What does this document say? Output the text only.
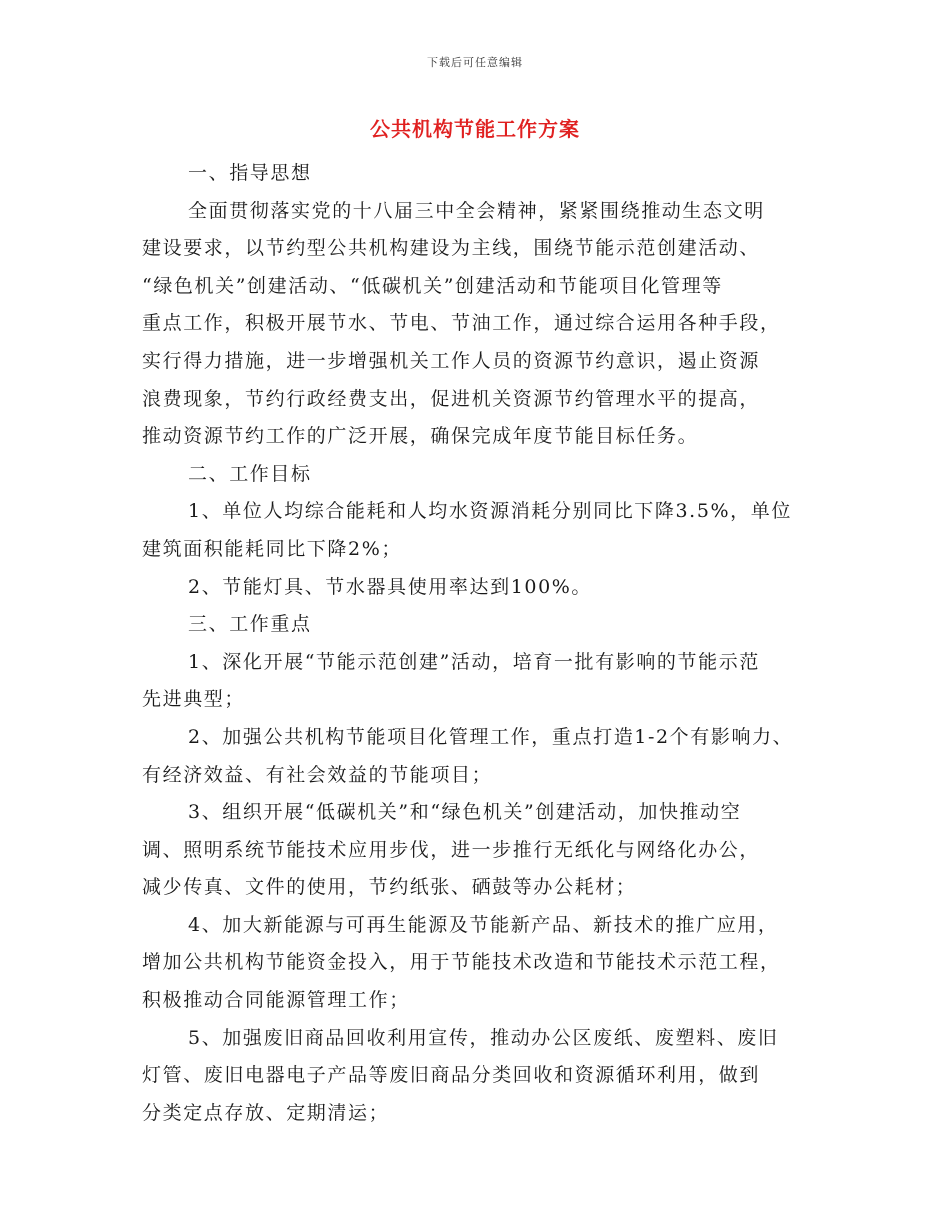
下载后可任意编辑
公共机构节能工作方案

一、指导思想

全面贯彻落实党的十八届三中全会精神，紧紧围绕推动生态文明

建设要求，以节约型公共机构建设为主线，围绕节能示范创建活动、

“绿色机关”创建活动、“低碳机关”创建活动和节能项目化管理等

重点工作，积极开展节水、节电、节油工作，通过综合运用各种手段，

实行得力措施，进一步增强机关工作人员的资源节约意识，遏止资源

浪费现象，节约行政经费支出，促进机关资源节约管理水平的提高，

推动资源节约工作的广泛开展，确保完成年度节能目标任务。

二、工作目标

1、单位人均综合能耗和人均水资源消耗分别同比下降3.5%，单位

建筑面积能耗同比下降2%；

2、节能灯具、节水器具使用率达到100%。

三、工作重点

1、深化开展“节能示范创建”活动，培育一批有影响的节能示范

先进典型；

2、加强公共机构节能项目化管理工作，重点打造1-2个有影响力、

有经济效益、有社会效益的节能项目；

3、组织开展“低碳机关”和“绿色机关”创建活动，加快推动空

调、照明系统节能技术应用步伐，进一步推行无纸化与网络化办公，

减少传真、文件的使用，节约纸张、硒鼓等办公耗材；

4、加大新能源与可再生能源及节能新产品、新技术的推广应用，

增加公共机构节能资金投入，用于节能技术改造和节能技术示范工程，

积极推动合同能源管理工作；

5、加强废旧商品回收利用宣传，推动办公区废纸、废塑料、废旧

灯管、废旧电器电子产品等废旧商品分类回收和资源循环利用，做到

分类定点存放、定期清运；
